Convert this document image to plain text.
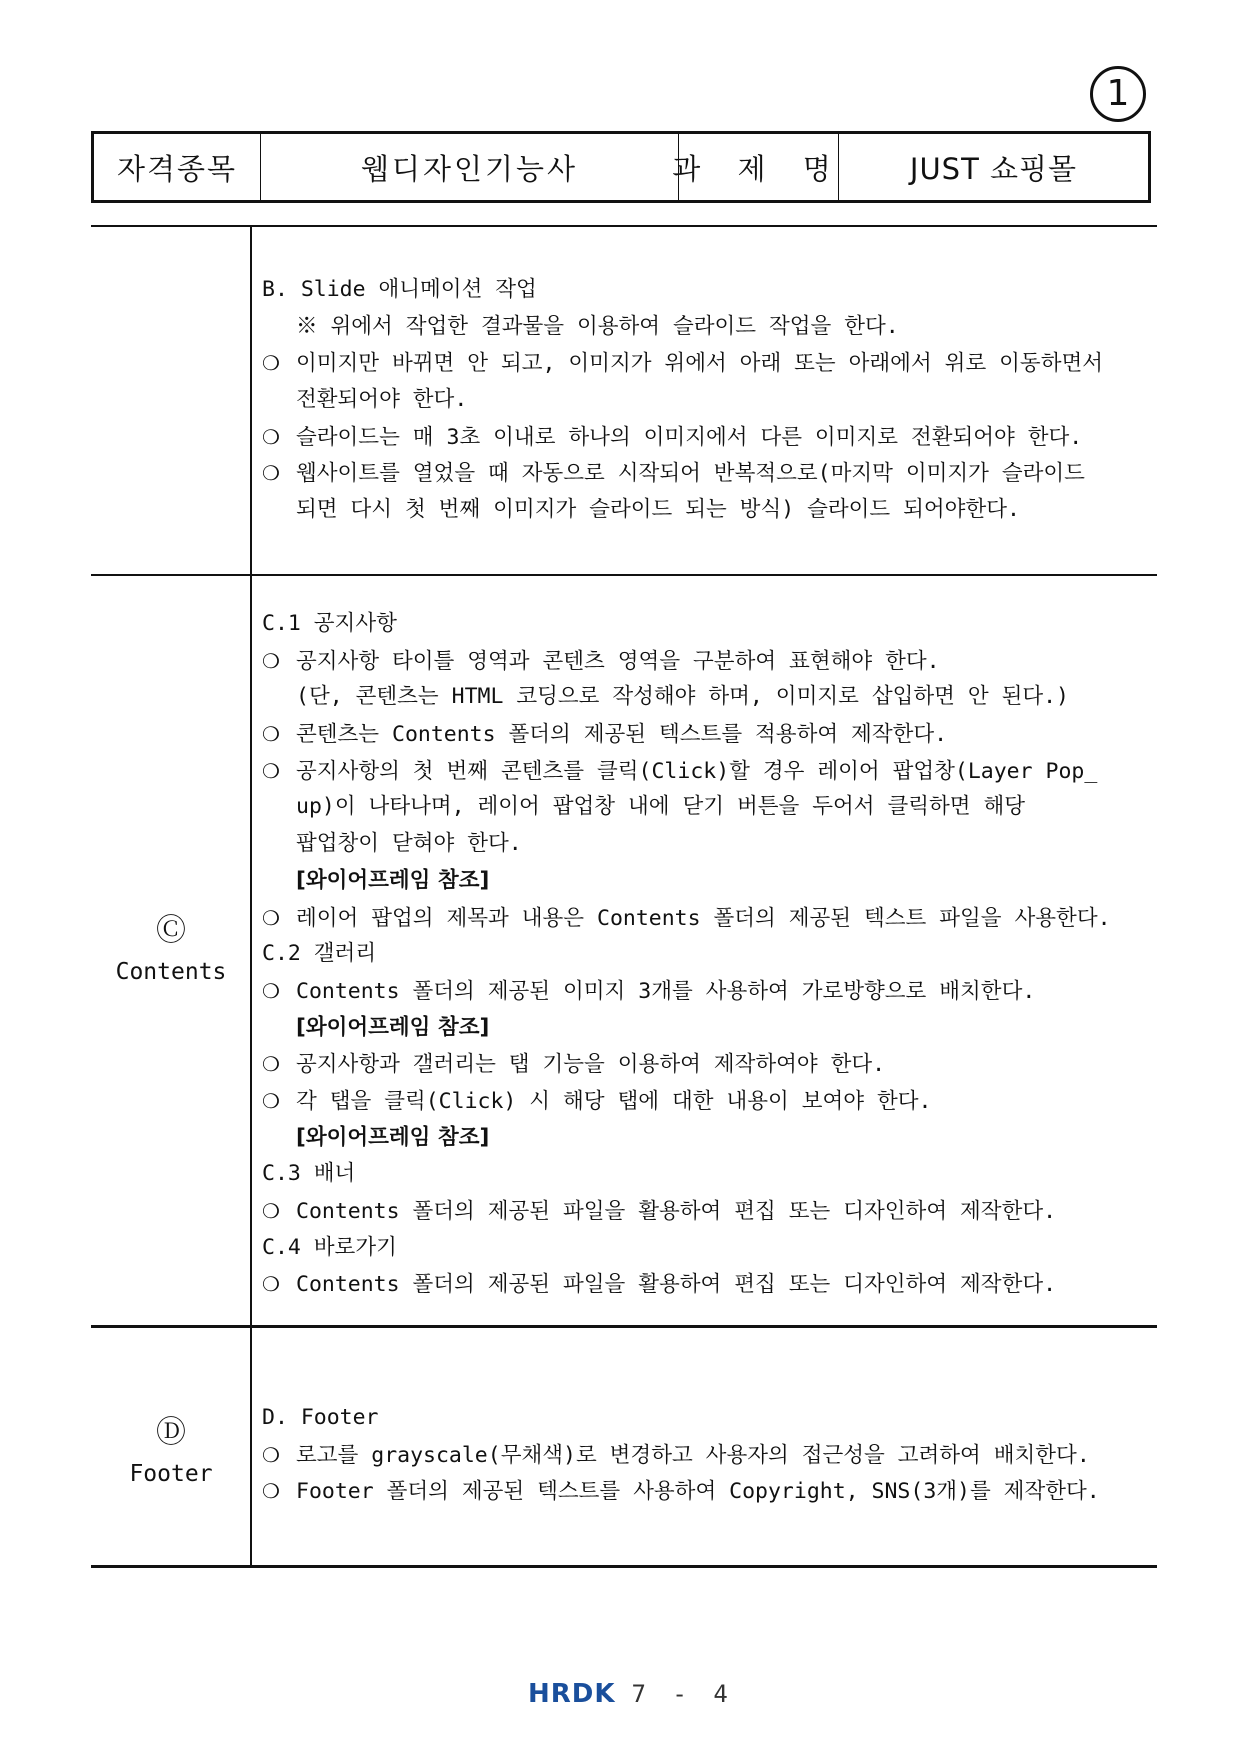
1
자격종목	웹디자인기능사	과 제 명	JUST 쇼핑몰
B. Slide 애니메이션 작업
※ 위에서 작업한 결과물을 이용하여 슬라이드 작업을 한다.
❍ 이미지만 바뀌면 안 되고, 이미지가 위에서 아래 또는 아래에서 위로 이동하면서
전환되어야 한다.
❍ 슬라이드는 매 3초 이내로 하나의 이미지에서 다른 이미지로 전환되어야 한다.
❍ 웹사이트를 열었을 때 자동으로 시작되어 반복적으로(마지막 이미지가 슬라이드
되면 다시 첫 번째 이미지가 슬라이드 되는 방식) 슬라이드 되어야한다.
Ⓒ
Contents
C.1 공지사항
❍ 공지사항 타이틀 영역과 콘텐츠 영역을 구분하여 표현해야 한다.
(단, 콘텐츠는 HTML 코딩으로 작성해야 하며, 이미지로 삽입하면 안 된다.)
❍ 콘텐츠는 Contents 폴더의 제공된 텍스트를 적용하여 제작한다.
❍ 공지사항의 첫 번째 콘텐츠를 클릭(Click)할 경우 레이어 팝업창(Layer Pop_
up)이 나타나며, 레이어 팝업창 내에 닫기 버튼을 두어서 클릭하면 해당
팝업창이 닫혀야 한다.
[와이어프레임 참조]
❍ 레이어 팝업의 제목과 내용은 Contents 폴더의 제공된 텍스트 파일을 사용한다.
C.2 갤러리
❍ Contents 폴더의 제공된 이미지 3개를 사용하여 가로방향으로 배치한다.
[와이어프레임 참조]
❍ 공지사항과 갤러리는 탭 기능을 이용하여 제작하여야 한다.
❍ 각 탭을 클릭(Click) 시 해당 탭에 대한 내용이 보여야 한다.
[와이어프레임 참조]
C.3 배너
❍ Contents 폴더의 제공된 파일을 활용하여 편집 또는 디자인하여 제작한다.
C.4 바로가기
❍ Contents 폴더의 제공된 파일을 활용하여 편집 또는 디자인하여 제작한다.
Ⓓ
Footer
D. Footer
❍ 로고를 grayscale(무채색)로 변경하고 사용자의 접근성을 고려하여 배치한다.
❍ Footer 폴더의 제공된 텍스트를 사용하여 Copyright, SNS(3개)를 제작한다.
HRDK 7 - 4
